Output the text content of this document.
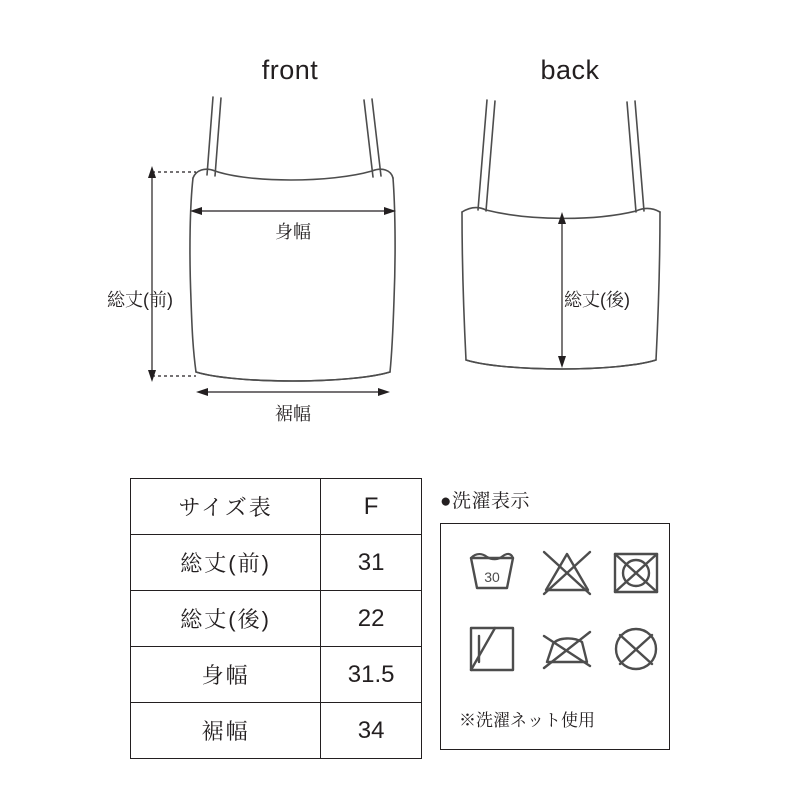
front	back
身幅
裾幅
総丈(前)	総丈(後)
サイズ表	F
総丈(前)	31
総丈(後)	22
身幅	31.5
裾幅	34
●洗濯表示
30
※洗濯ネット使用
